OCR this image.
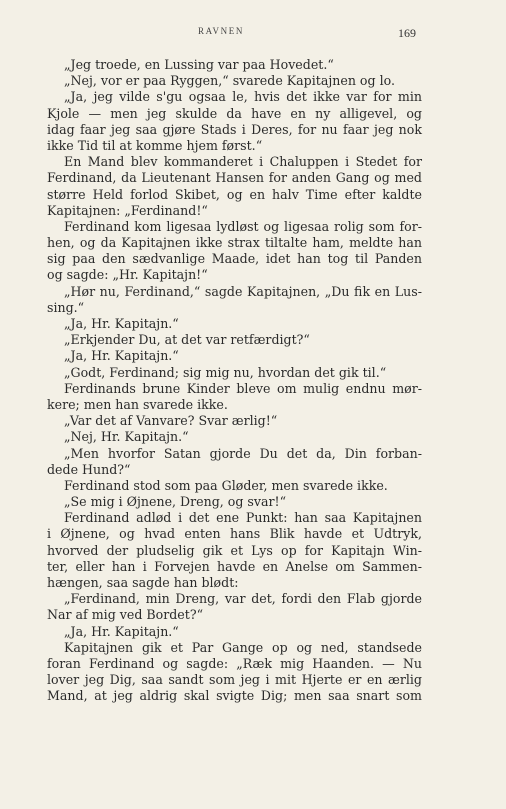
RAVNEN	169
„Jeg troede, en Lussing var paa Hovedet.“
„Nej, vor er paa Ryggen,“ svarede Kapitajnen og lo.
„Ja, jeg vilde s'gu ogsaa le, hvis det ikke var for min
Kjole — men jeg skulde da have en ny alligevel, og
idag faar jeg saa gjøre Stads i Deres, for nu faar jeg nok
ikke Tid til at komme hjem først.“
En Mand blev kommanderet i Chaluppen i Stedet for
Ferdinand, da Lieutenant Hansen for anden Gang og med
større Held forlod Skibet, og en halv Time efter kaldte
Kapitajnen: „Ferdinand!“
Ferdinand kom ligesaa lydløst og ligesaa rolig som for-
hen, og da Kapitajnen ikke strax tiltalte ham, meldte han
sig paa den sædvanlige Maade, idet han tog til Panden
og sagde: „Hr. Kapitajn!“
„Hør nu, Ferdinand,“ sagde Kapitajnen, „Du fik en Lus-
sing.“
„Ja, Hr. Kapitajn.“
„Erkjender Du, at det var retfærdigt?“
„Ja, Hr. Kapitajn.“
„Godt, Ferdinand; sig mig nu, hvordan det gik til.“
Ferdinands brune Kinder bleve om mulig endnu mør-
kere; men han svarede ikke.
„Var det af Vanvare? Svar ærlig!“
„Nej, Hr. Kapitajn.“
„Men hvorfor Satan gjorde Du det da, Din forban-
dede Hund?“
Ferdinand stod som paa Gløder, men svarede ikke.
„Se mig i Øjnene, Dreng, og svar!“
Ferdinand adlød i det ene Punkt: han saa Kapitajnen
i Øjnene, og hvad enten hans Blik havde et Udtryk,
hvorved der pludselig gik et Lys op for Kapitajn Win-
ter, eller han i Forvejen havde en Anelse om Sammen-
hængen, saa sagde han blødt:
„Ferdinand, min Dreng, var det, fordi den Flab gjorde
Nar af mig ved Bordet?“
„Ja, Hr. Kapitajn.“
Kapitajnen gik et Par Gange op og ned, standsede
foran Ferdinand og sagde: „Ræk mig Haanden. — Nu
lover jeg Dig, saa sandt som jeg i mit Hjerte er en ærlig
Mand, at jeg aldrig skal svigte Dig; men saa snart som
